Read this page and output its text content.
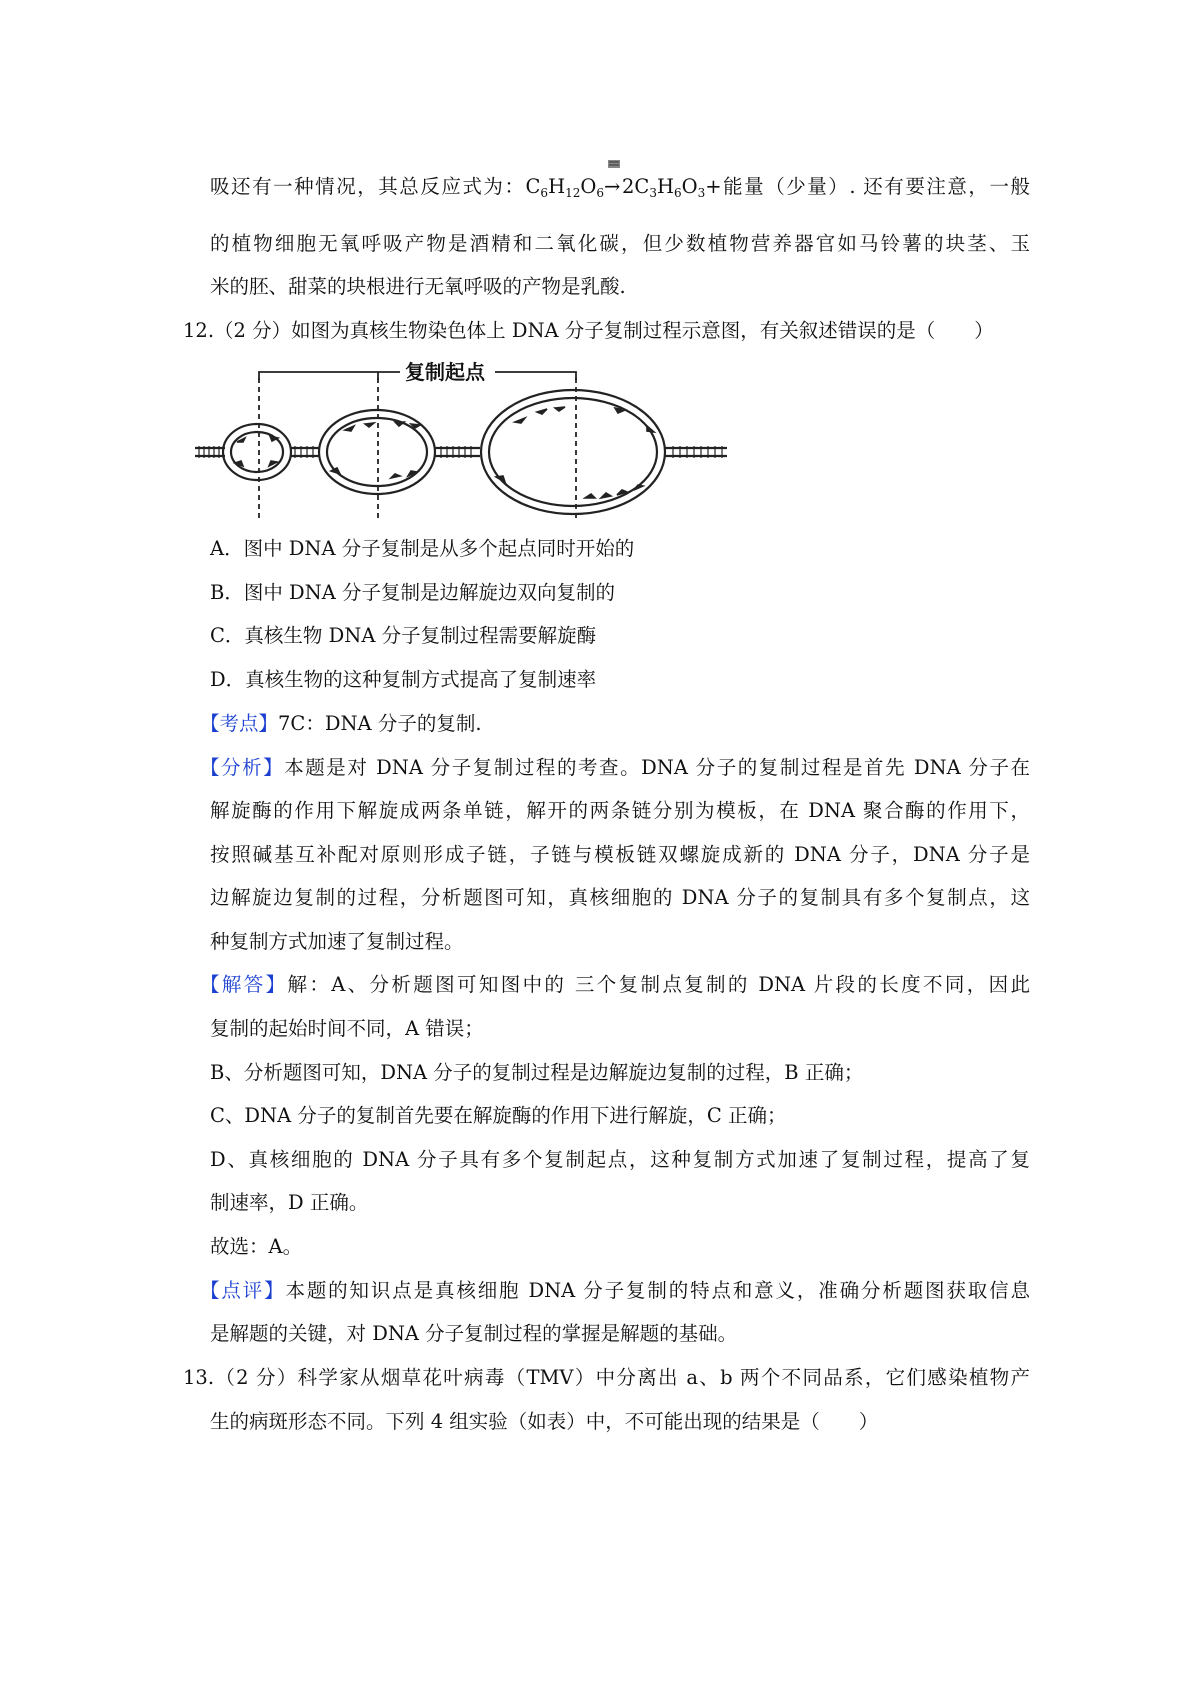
吸还有一种情况，其总反应式为：$C_6H_{12}O_6$
$\to 2C_3H_6O_3+$能量（少量）. 还有要注意，一般
的植物细胞无氧呼吸产物是酒精和二氧化碳，但少数植物营养器官如马铃薯的块茎、玉
米的胚、甜菜的块根进行无氧呼吸的产物是乳酸.
12.（2 分）如图为真核生物染色体上 DNA 分子复制过程示意图，有关叙述错误的是（　　）
复制起点
A．图中 DNA 分子复制是从多个起点同时开始的
B．图中 DNA 分子复制是边解旋边双向复制的
C．真核生物 DNA 分子复制过程需要解旋酶
D．真核生物的这种复制方式提高了复制速率
【考点】7C：DNA 分子的复制.
【分析】本题是对 DNA 分子复制过程的考查。DNA 分子的复制过程是首先 DNA 分子在
解旋酶的作用下解旋成两条单链，解开的两条链分别为模板，在 DNA 聚合酶的作用下，
按照碱基互补配对原则形成子链，子链与模板链双螺旋成新的 DNA 分子，DNA 分子是
边解旋边复制的过程，分析题图可知，真核细胞的 DNA 分子的复制具有多个复制点，这
种复制方式加速了复制过程。
【解答】解：A、分析题图可知图中的 三个复制点复制的 DNA 片段的长度不同，因此
复制的起始时间不同，A 错误；
B、分析题图可知，DNA 分子的复制过程是边解旋边复制的过程，B 正确；
C、DNA 分子的复制首先要在解旋酶的作用下进行解旋，C 正确；
D、真核细胞的 DNA 分子具有多个复制起点，这种复制方式加速了复制过程，提高了复
制速率，D 正确。
故选：A。
【点评】本题的知识点是真核细胞 DNA 分子复制的特点和意义，准确分析题图获取信息
是解题的关键，对 DNA 分子复制过程的掌握是解题的基础。
13.（2 分）科学家从烟草花叶病毒（TMV）中分离出 a、b 两个不同品系，它们感染植物产
生的病斑形态不同。下列 4 组实验（如表）中，不可能出现的结果是（　　）
